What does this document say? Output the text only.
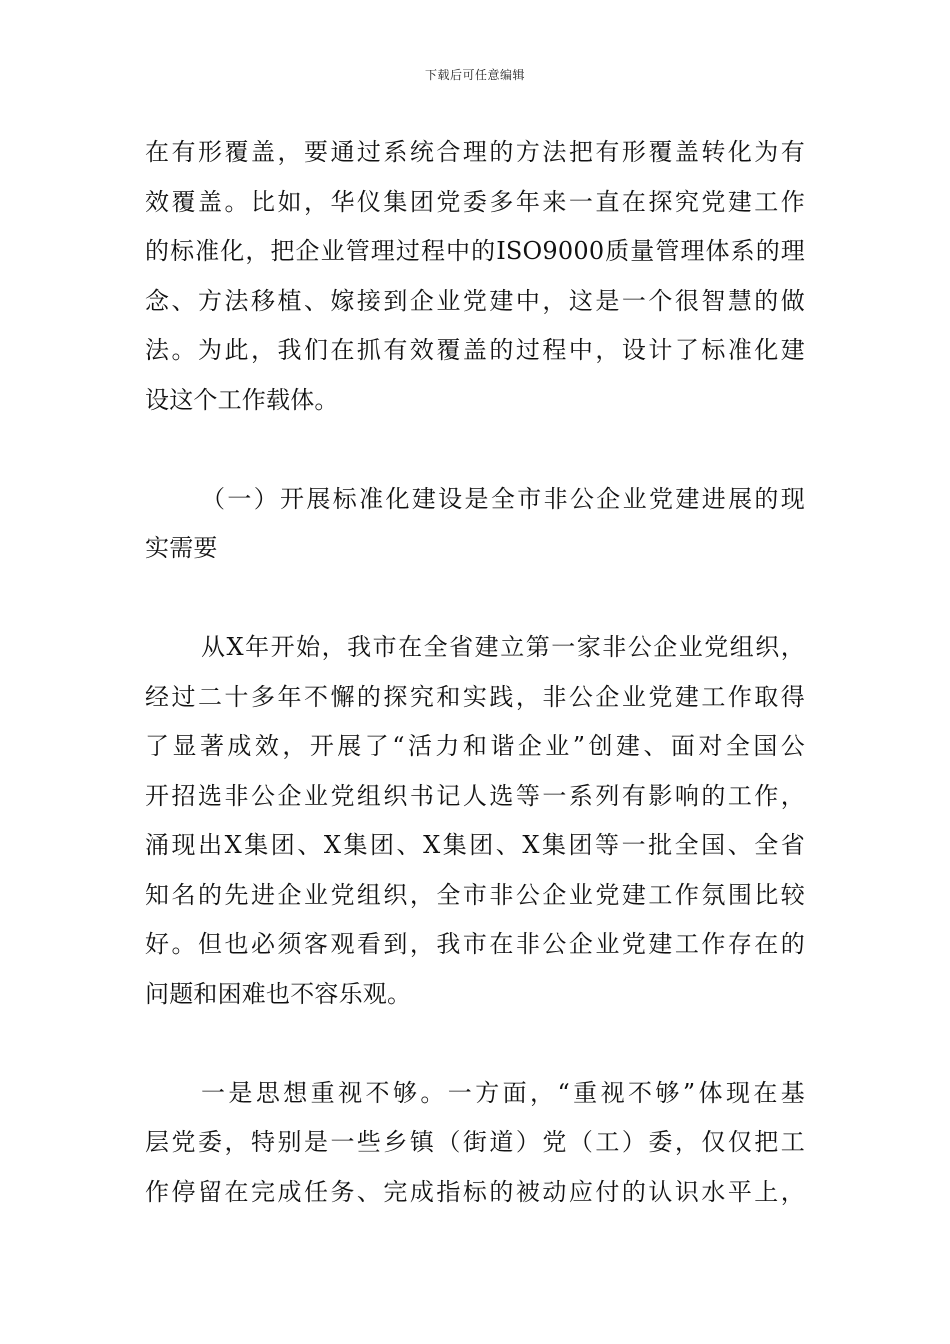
下载后可任意编辑
在有形覆盖，要通过系统合理的方法把有形覆盖转化为有
效覆盖。比如，华仪集团党委多年来一直在探究党建工作
的标准化，把企业管理过程中的ISO9000质量管理体系的理
念、方法移植、嫁接到企业党建中，这是一个很智慧的做
法。为此，我们在抓有效覆盖的过程中，设计了标准化建
设这个工作载体。
（一）开展标准化建设是全市非公企业党建进展的现
实需要
从X年开始，我市在全省建立第一家非公企业党组织，
经过二十多年不懈的探究和实践，非公企业党建工作取得
了显著成效，开展了“活力和谐企业”创建、面对全国公
开招选非公企业党组织书记人选等一系列有影响的工作，
涌现出X集团、X集团、X集团、X集团等一批全国、全省
知名的先进企业党组织，全市非公企业党建工作氛围比较
好。但也必须客观看到，我市在非公企业党建工作存在的
问题和困难也不容乐观。
一是思想重视不够。一方面，“重视不够”体现在基
层党委，特别是一些乡镇（街道）党（工）委，仅仅把工
作停留在完成任务、完成指标的被动应付的认识水平上，
